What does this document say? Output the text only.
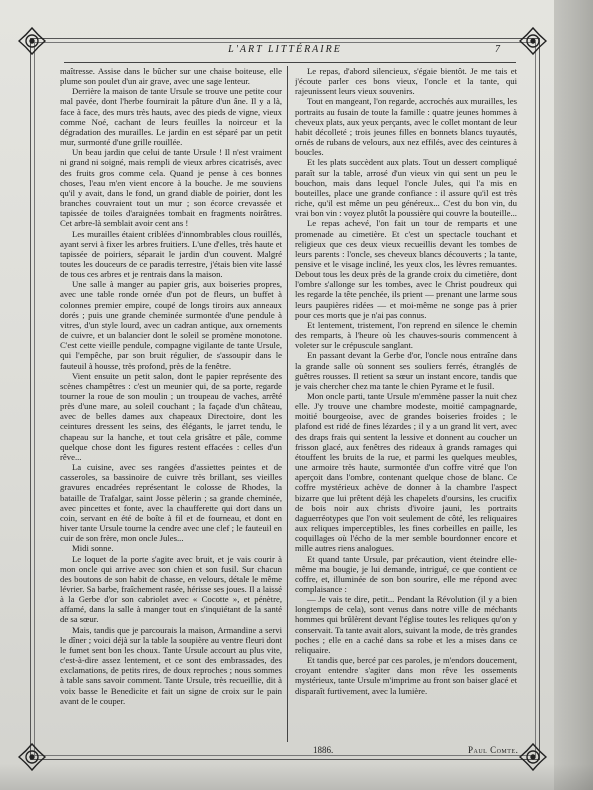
L'ART LITTÉRAIRE	7

maîtresse. Assise dans le bûcher sur une chaise boiteuse, elle plume son poulet d'un air grave, avec une sage lenteur.

Derrière la maison de tante Ursule se trouve une petite cour mal pavée, dont l'herbe fournirait la pâture d'un âne. Il y a là, face à face, des murs très hauts, avec des pieds de vigne, vieux comme Noé, cachant de leurs feuilles la noirceur et la dégradation des murailles. Le jardin en est séparé par un petit mur, surmonté d'une grille rouillée.

Un beau jardin que celui de tante Ursule ! Il n'est vraiment ni grand ni soigné, mais rempli de vieux arbres cicatrisés, avec des fruits gros comme cela. Quand je pense à ces bonnes choses, l'eau m'en vient encore à la bouche. Je me souviens qu'il y avait, dans le fond, un grand diable de poirier, dont les branches couvraient tout un mur ; son écorce crevassée et tapissée de toiles d'araignées tombait en fragments noirâtres. Cet arbre-là semblait avoir cent ans !

Les murailles étaient criblées d'innombrables clous rouillés, ayant servi à fixer les arbres fruitiers. L'une d'elles, très haute et tapissée de poiriers, séparait le jardin d'un couvent. Malgré toutes les douceurs de ce paradis terrestre, j'étais bien vite lassé de tous ces arbres et je rentrais dans la maison.

Une salle à manger au papier gris, aux boiseries propres, avec une table ronde ornée d'un pot de fleurs, un buffet à colonnes premier empire, coupé de longs tiroirs aux anneaux dorés ; puis une grande cheminée surmontée d'une pendule à vitres, d'un style lourd, avec un cadran antique, aux ornements de cuivre, et un balancier dont le soleil se promène monotone. C'est cette vieille pendule, compagne vigilante de tante Ursule, qui l'empêche, par son bruit régulier, de s'assoupir dans le fauteuil à housse, très profond, près de la fenêtre.

Vient ensuite un petit salon, dont le papier représente des scènes champêtres : c'est un meunier qui, de sa porte, regarde tourner la roue de son moulin ; un troupeau de vaches, arrêté près d'une mare, au soleil couchant ; la façade d'un château, avec de belles dames aux chapeaux Directoire, dont les ceintures dressent les seins, des élégants, le jarret tendu, le chapeau sur la hanche, et tout cela grisâtre et pâle, comme quelque chose dont les figures restent effacées : celles d'un rêve...

La cuisine, avec ses rangées d'assiettes peintes et de casseroles, sa bassinoire de cuivre très brillant, ses vieilles gravures encadrées représentant le colosse de Rhodes, la bataille de Trafalgar, saint Josse pèlerin ; sa grande cheminée, avec pincettes et fonte, avec la chaufferette qui dort dans un coin, servant en été de boîte à fil et de fourneau, et dont en hiver tante Ursule tourne la cendre avec une clef ; le fauteuil en cuir de son frère, mon oncle Jules...

Midi sonne.

Le loquet de la porte s'agite avec bruit, et je vais courir à mon oncle qui arrive avec son chien et son fusil. Sur chacun des boutons de son habit de chasse, en velours, détale le même lévrier. Sa barbe, fraîchement rasée, hérisse ses joues. Il a laissé à la Gerbe d'or son cabriolet avec « Cocotte », et pénètre, affamé, dans la salle à manger tout en s'inquiétant de la santé de sa sœur.

Mais, tandis que je parcourais la maison, Armandine a servi le dîner ; voici déjà sur la table la soupière au ventre fleuri dont le fumet sent bon les choux. Tante Ursule accourt au plus vite, c'est-à-dire assez lentement, et ce sont des embrassades, des exclamations, de petits rires, de doux reproches ; nous sommes à table sans savoir comment. Tante Ursule, très recueillie, dit à voix basse le Benedicite et fait un signe de croix sur le pain avant de le couper.

Le repas, d'abord silencieux, s'égaie bientôt. Je me tais et j'écoute parler ces bons vieux, l'oncle et la tante, qui rajeunissent leurs vieux souvenirs.

Tout en mangeant, l'on regarde, accrochés aux murailles, les portraits au fusain de toute la famille : quatre jeunes hommes à cheveux plats, aux yeux perçants, avec le collet montant de leur habit décolleté ; trois jeunes filles en bonnets blancs tuyautés, ornés de rubans de velours, aux nez effilés, avec des ceintures à boucles.

Et les plats succèdent aux plats. Tout un dessert compliqué paraît sur la table, arrosé d'un vieux vin qui sent un peu le bouchon, mais dans lequel l'oncle Jules, qui l'a mis en bouteilles, place une grande confiance : il assure qu'il est très riche, qu'il est même un peu généreux... C'est du bon vin, du vrai bon vin : voyez plutôt la poussière qui couvre la bouteille...

Le repas achevé, l'on fait un tour de remparts et une promenade au cimetière. Et c'est un spectacle touchant et religieux que ces deux vieux recueillis devant les tombes de leurs parents : l'oncle, ses cheveux blancs découverts ; la tante, pensive et le visage incliné, les yeux clos, les lèvres remuantes. Debout tous les deux près de la grande croix du cimetière, dont l'ombre s'allonge sur les tombes, avec le Christ poudreux qui les regarde la tête penchée, ils prient — prenant une larme sous leurs paupières ridées — et moi-même ne songe pas à prier pour ces morts que je n'ai pas connus.

Et lentement, tristement, l'on reprend en silence le chemin des remparts, à l'heure où les chauves-souris commencent à voleter sur le crépuscule sanglant.

En passant devant la Gerbe d'or, l'oncle nous entraîne dans la grande salle où sonnent ses souliers ferrés, étranglés de guêtres rousses. Il retient sa sœur un instant encore, tandis que je vais chercher chez ma tante le chien Pyrame et le fusil.

Mon oncle parti, tante Ursule m'emmène passer la nuit chez elle. J'y trouve une chambre modeste, moitié campagnarde, moitié bourgeoise, avec de grandes boiseries froides ; le plafond est ridé de fines lézardes ; il y a un grand lit vert, avec des draps frais qui sentent la lessive et donnent au coucher un frisson glacé, aux fenêtres des rideaux à grands ramages qui étouffent les bruits de la rue, et parmi les quelques meubles, une armoire très haute, surmontée d'un coffre vitré que l'on aperçoit dans l'ombre, contenant quelque chose de blanc. Ce coffre mystérieux achève de donner à la chambre l'aspect bizarre que lui prêtent déjà les chapelets d'oursins, les crucifix de bois noir aux christs d'ivoire jauni, les portraits daguerréotypes que l'on voit seulement de côté, les reliquaires aux reliques imperceptibles, les fines corbeilles en paille, les coquillages où l'écho de la mer semble bourdonner encore et mille autres riens analogues.

Et quand tante Ursule, par précaution, vient éteindre elle-même ma bougie, je lui demande, intrigué, ce que contient ce coffre, et, illuminée de son bon sourire, elle me répond avec complaisance :

— Je vais te dire, petit... Pendant la Révolution (il y a bien longtemps de cela), sont venus dans notre ville de méchants hommes qui brûlèrent devant l'église toutes les reliques qu'on y conservait. Ta tante avait alors, suivant la mode, de très grandes poches ; elle en a caché dans sa robe et les a mises dans ce reliquaire.

Et tandis que, bercé par ces paroles, je m'endors doucement, croyant entendre s'agiter dans mon rêve les ossements mystérieux, tante Ursule m'imprime au front son baiser glacé et disparaît furtivement, avec la lumière.

1886.	Paul Comte.
